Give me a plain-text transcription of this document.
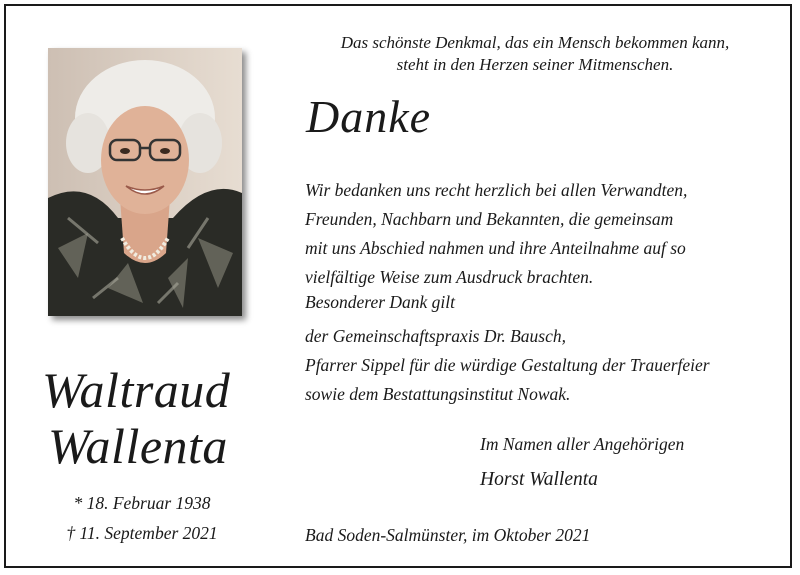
Das schönste Denkmal, das ein Mensch bekommen kann,
steht in den Herzen seiner Mitmenschen.
Danke
Wir bedanken uns recht herzlich bei allen Verwandten,
Freunden, Nachbarn und Bekannten, die gemeinsam
mit uns Abschied nahmen und ihre Anteilnahme auf so
vielfältige Weise zum Ausdruck brachten.
Besonderer Dank gilt
der Gemeinschaftspraxis Dr. Bausch,
Pfarrer Sippel für die würdige Gestaltung der Trauerfeier
sowie dem Bestattungsinstitut Nowak.
Im Namen aller Angehörigen
Horst Wallenta
Bad Soden-Salmünster, im Oktober 2021
Waltraud
Wallenta
* 18. Februar 1938
† 11. September 2021
